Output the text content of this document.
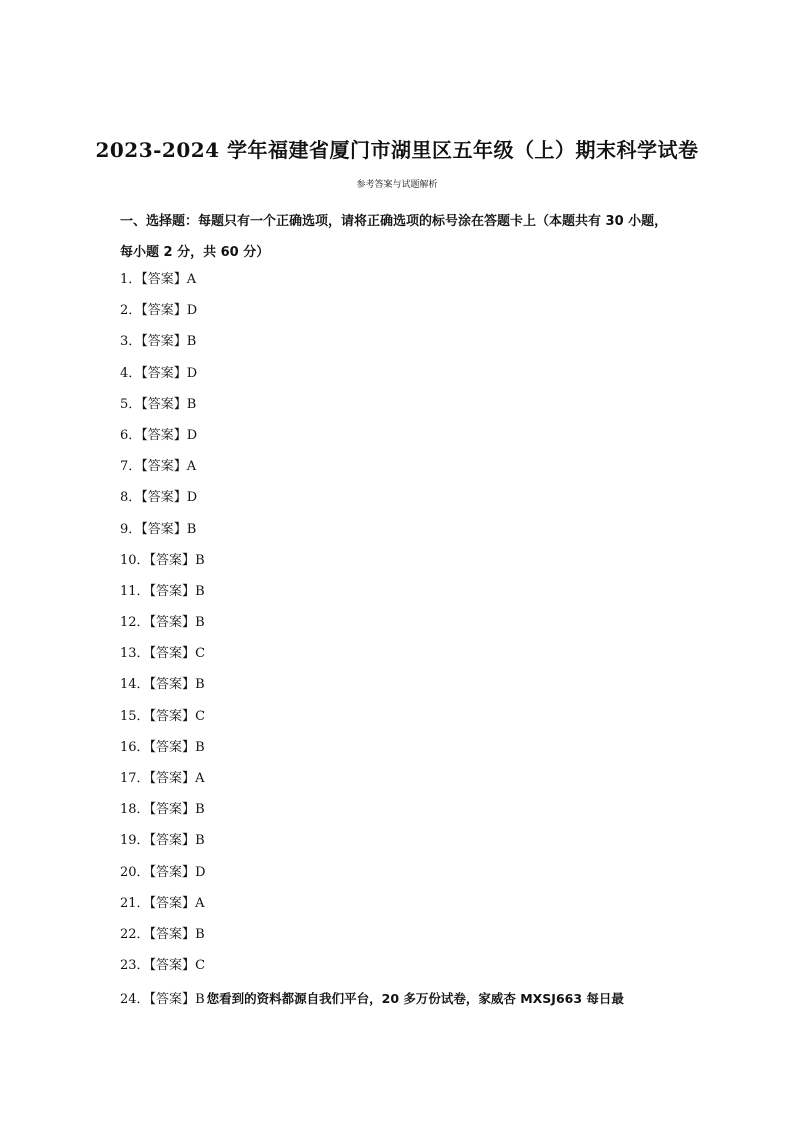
2023-2024 学年福建省厦门市湖里区五年级（上）期末科学试卷
参考答案与试题解析
一、选择题：每题只有一个正确选项，请将正确选项的标号涂在答题卡上（本题共有 30 小题，每小题 2 分，共 60 分）
1．【答案】A
2．【答案】D
3．【答案】B
4．【答案】D
5．【答案】B
6．【答案】D
7．【答案】A
8．【答案】D
9．【答案】B
10．【答案】B
11．【答案】B
12．【答案】B
13．【答案】C
14．【答案】B
15．【答案】C
16．【答案】B
17．【答案】A
18．【答案】B
19．【答案】B
20．【答案】D
21．【答案】A
22．【答案】B
23．【答案】C
24．【答案】B 您看到的资料都源自我们平台，20 多万份试卷，家威杏 MXSJ663 每日最
